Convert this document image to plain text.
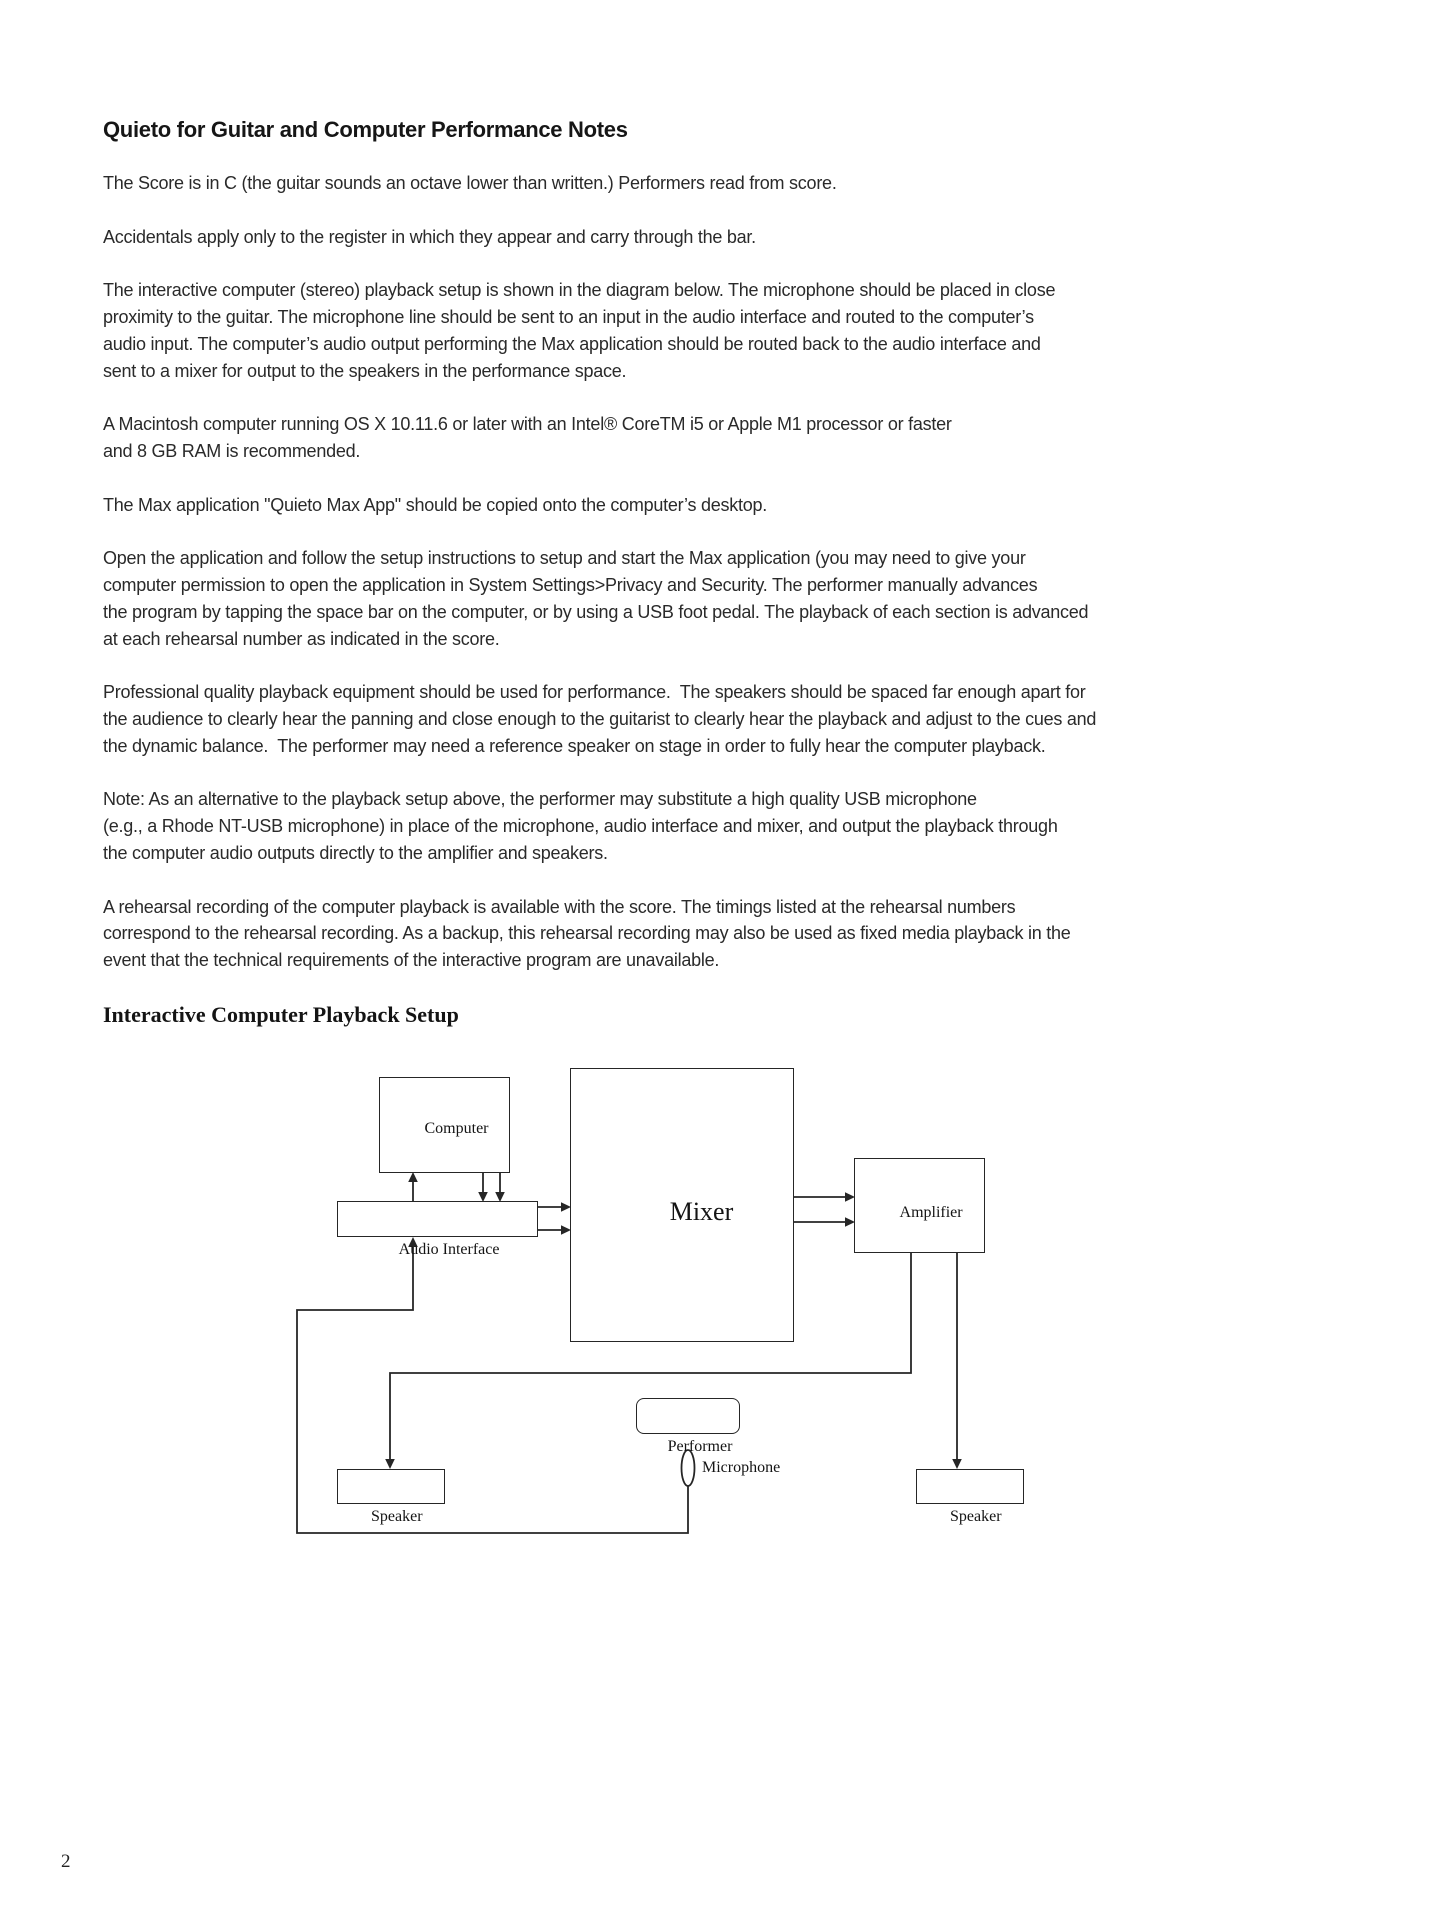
Quieto for Guitar and Computer Performance Notes

The Score is in C (the guitar sounds an octave lower than written.) Performers read from score.

Accidentals apply only to the register in which they appear and carry through the bar.

The interactive computer (stereo) playback setup is shown in the diagram below. The microphone should be placed in close
proximity to the guitar. The microphone line should be sent to an input in the audio interface and routed to the computer’s
audio input. The computer’s audio output performing the Max application should be routed back to the audio interface and
sent to a mixer for output to the speakers in the performance space.

A Macintosh computer running OS X 10.11.6 or later with an Intel® CoreTM i5 or Apple M1 processor or faster
and 8 GB RAM is recommended.

The Max application "Quieto Max App" should be copied onto the computer’s desktop.

Open the application and follow the setup instructions to setup and start the Max application (you may need to give your
computer permission to open the application in System Settings>Privacy and Security. The performer manually advances
the program by tapping the space bar on the computer, or by using a USB foot pedal. The playback of each section is advanced
at each rehearsal number as indicated in the score.

Professional quality playback equipment should be used for performance.  The speakers should be spaced far enough apart for
the audience to clearly hear the panning and close enough to the guitarist to clearly hear the playback and adjust to the cues and
the dynamic balance.  The performer may need a reference speaker on stage in order to fully hear the computer playback.

Note: As an alternative to the playback setup above, the performer may substitute a high quality USB microphone
(e.g., a Rhode NT-USB microphone) in place of the microphone, audio interface and mixer, and output the playback through
the computer audio outputs directly to the amplifier and speakers.

A rehearsal recording of the computer playback is available with the score. The timings listed at the rehearsal numbers
correspond to the rehearsal recording. As a backup, this rehearsal recording may also be used as fixed media playback in the
event that the technical requirements of the interactive program are unavailable.

Interactive Computer Playback Setup

Computer

Audio Interface

Mixer
	Amplifier

Performer

Microphone

Speaker
	Speaker

2
